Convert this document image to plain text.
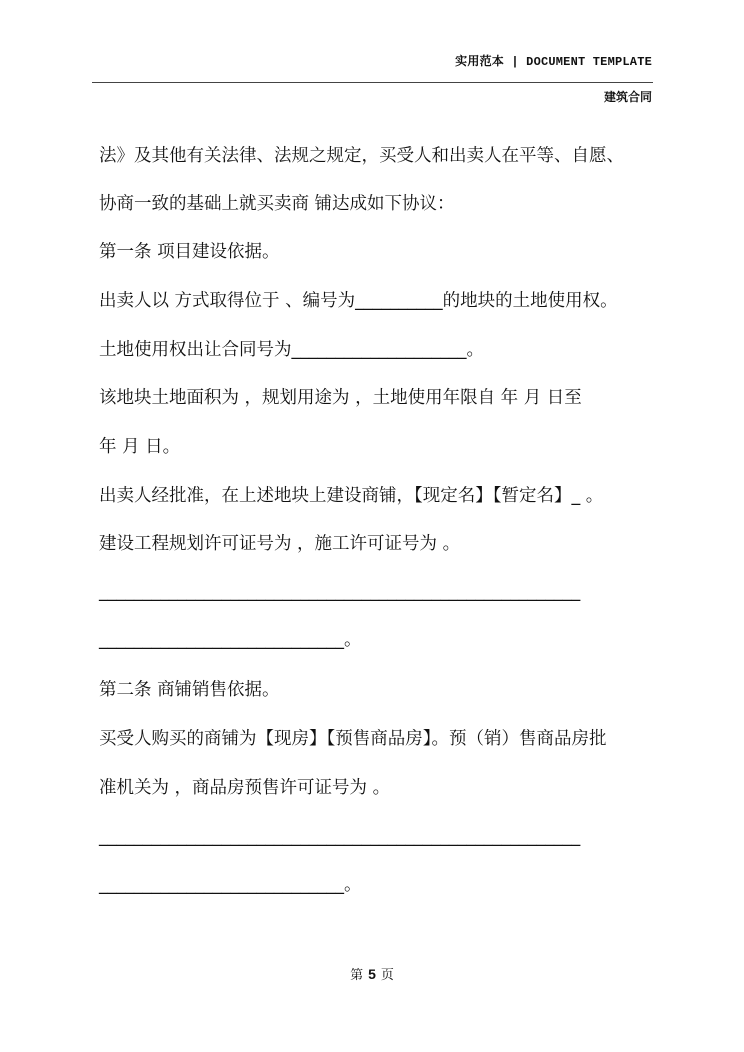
实用范本 | DOCUMENT TEMPLATE
建筑合同
法》及其他有关法律、法规之规定，买受人和出卖人在平等、自愿、
协商一致的基础上就买卖商 铺达成如下协议：
第一条 项目建设依据。
出卖人以 方式取得位于 、编号为__________的地块的土地使用权。
土地使用权出让合同号为____________________。
该地块土地面积为 ，规划用途为 ，土地使用年限自 年 月 日至
年 月 日。
出卖人经批准，在上述地块上建设商铺，【现定名】【暂定名】_ 。
建设工程规划许可证号为 ，施工许可证号为 。
_______________________________________________________
____________________________。
第二条 商铺销售依据。
买受人购买的商铺为【现房】【预售商品房】。预（销）售商品房批
准机关为 ，商品房预售许可证号为 。
_______________________________________________________
____________________________。
第 5 页
